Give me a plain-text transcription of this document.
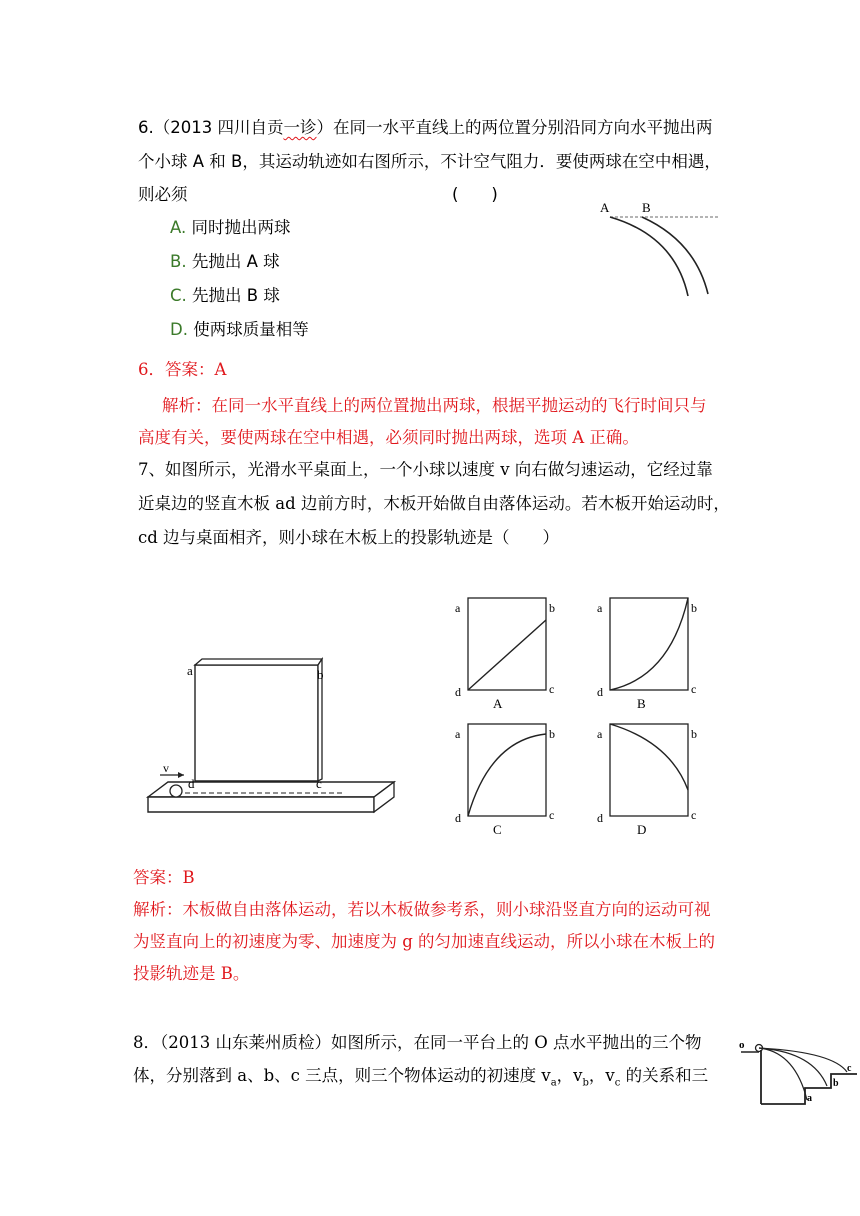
6.（2013 四川自贡一诊）在同一水平直线上的两位置分别沿同方向水平抛出两
个小球 A 和 B，其运动轨迹如右图所示，不计空气阻力．要使两球在空中相遇，
则必须	(　　)
A. 同时抛出两球
B. 先抛出 A 球
C. 先抛出 B 球
D. 使两球质量相等
A	B
6．答案：A
解析：在同一水平直线上的两位置抛出两球，根据平抛运动的飞行时间只与
高度有关，要使两球在空中相遇，必须同时抛出两球，选项 A 正确。
7、如图所示，光滑水平桌面上，一个小球以速度 v 向右做匀速运动，它经过靠
近桌边的竖直木板 ad 边前方时，木板开始做自由落体运动。若木板开始运动时，
cd 边与桌面相齐，则小球在木板上的投影轨迹是（　　）
v
a	b
c
d
a	b
c
d
A
a	b
c
d
B
a	b
c
d
C
a	b
c
d
D
答案：B
解析：木板做自由落体运动，若以木板做参考系，则小球沿竖直方向的运动可视
为竖直向上的初速度为零、加速度为 g 的匀加速直线运动，所以小球在木板上的
投影轨迹是 B。
8．（2013 山东莱州质检）如图所示，在同一平台上的 O 点水平抛出的三个物
体，分别落到 a、b、c 三点，则三个物体运动的初速度 $v_a$，$v_b$，$v_c$ 的关系和三
o
a
b
c
